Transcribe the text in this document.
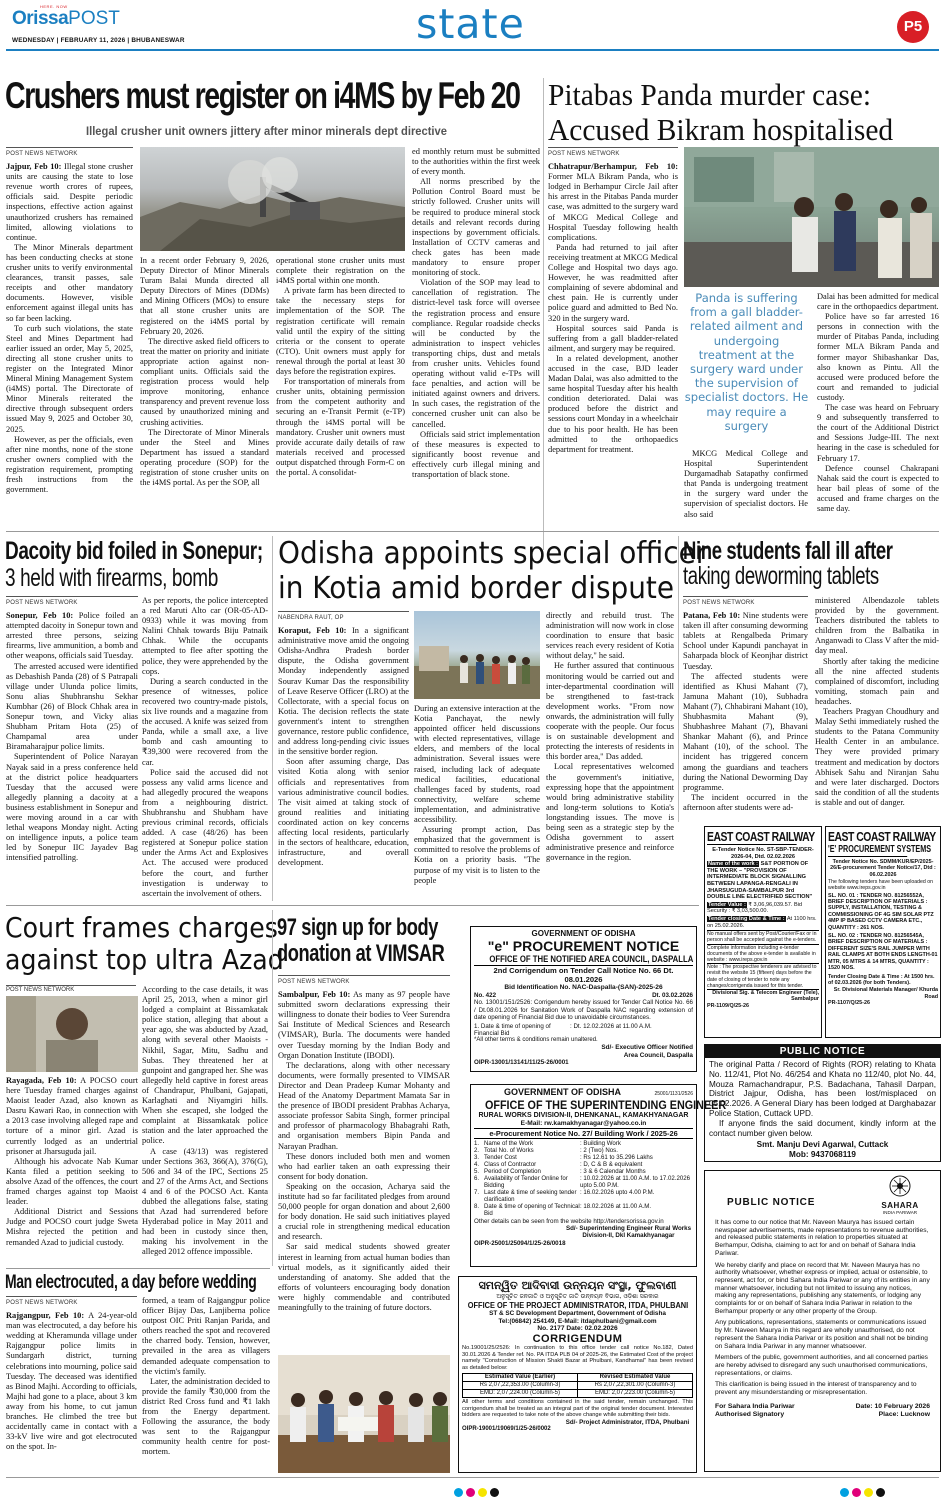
HERE. NOW
OrissaPOST
WEDNESDAY | FEBRUARY 11, 2026 | BHUBANESWAR	state	P5
Crushers must register on i4MS by Feb 20
Illegal crusher unit owners jittery after minor minerals dept directive
POST NEWS NETWORK

Jajpur, Feb 10: Illegal stone crusher units are causing the state to lose revenue worth crores of rupees, officials said. Despite periodic inspections, effective action against unauthorized crushers has remained limited, allowing violations to continue.

The Minor Minerals department has been conducting checks at stone crusher units to verify environmental clearances, transit passes, sale receipts and other mandatory documents. However, visible enforcement against illegal units has so far been lacking.

To curb such violations, the state Steel and Mines Department had earlier issued an order, May 5, 2025, directing all stone crusher units to register on the Integrated Minor Mineral Mining Management System (i4MS) portal. The Directorate of Minor Minerals reiterated the directive through subsequent orders issued May 9, 2025 and October 30, 2025.

However, as per the officials, even after nine months, none of the stone crusher owners complied with the registration requirement, prompting fresh instructions from the government.

In a recent order February 9, 2026, Deputy Director of Minor Minerals Turam Balai Munda directed all Deputy Directors of Mines (DDMs) and Mining Officers (MOs) to ensure that all stone crusher units are registered on the i4MS portal by February 20, 2026.

The directive asked field officers to treat the matter on priority and initiate appropriate action against non-compliant units. Officials said the registration process would help improve monitoring, enhance transparency and prevent revenue loss caused by unauthorized mining and crushing activities.

The Directorate of Minor Minerals under the Steel and Mines Department has issued a standard operating procedure (SOP) for the registration of stone crusher units on the i4MS portal. As per the SOP, all

operational stone crusher units must complete their registration on the i4MS portal within one month.

A private farm has been directed to take the necessary steps for implementation of the SOP. The registration certificate will remain valid until the expiry of the sitting criteria or the consent to operate (CTO). Unit owners must apply for renewal through the portal at least 30 days before the registration expires.

For transportation of minerals from crusher units, obtaining permission from the competent authority and securing an e-Transit Permit (e-TP) through the i4MS portal will be mandatory. Crusher unit owners must provide accurate daily details of raw materials received and processed output dispatched through Form-C on the portal. A consolidat-

ed monthly return must be submitted to the authorities within the first week of every month.

All norms prescribed by the Pollution Control Board must be strictly followed. Crusher units will be required to produce mineral stock details and relevant records during inspections by government officials. Installation of CCTV cameras and check gates has been made mandatory to ensure proper monitoring of stock.

Violation of the SOP may lead to cancellation of registration. The district-level task force will oversee the registration process and ensure compliance. Regular roadside checks will be conducted by the administration to inspect vehicles transporting chips, dust and metals from crusher units. Vehicles found operating without valid e-TPs will face penalties, and action will be initiated against owners and drivers. In such cases, the registration of the concerned crusher unit can also be cancelled.

Officials said strict implementation of these measures is expected to significantly boost revenue and effectively curb illegal mining and transportation of black stone.

Pitabas Panda murder case:
Accused Bikram hospitalised
POST NEWS NETWORK

Chhatrapur/Berhampur, Feb 10: Former MLA Bikram Panda, who is lodged in Berhampur Circle Jail after his arrest in the Pitabas Panda murder case, was admitted to the surgery ward of MKCG Medical College and Hospital Tuesday following health complications.

Panda had returned to jail after receiving treatment at MKCG Medical College and Hospital two days ago. However, he was readmitted after complaining of severe abdominal and chest pain. He is currently under police guard and admitted to Bed No. 320 in the surgery ward.

Hospital sources said Panda is suffering from a gall bladder-related ailment, and surgery may be required.

In a related development, another accused in the case, BJD leader Madan Dalai, was also admitted to the same hospital Tuesday after his health condition deteriorated. Dalai was produced before the district and sessions court Monday in a wheelchair due to his poor health. He has been admitted to the orthopaedics department for treatment.

Panda is suffering from a gall bladder-related ailment and undergoing treatment at the surgery ward under the supervision of specialist doctors. He may require a surgery

MKCG Medical College and Hospital Superintendent Durgamadhab Satapathy confirmed that Panda is undergoing treatment in the surgery ward under the supervision of specialist doctors. He also said

Dalai has been admitted for medical care in the orthopaedics department.

Police have so far arrested 16 persons in connection with the murder of Pitabas Panda, including former MLA Bikram Panda and former mayor Shibashankar Das, also known as Pintu. All the accused were produced before the court and remanded to judicial custody.

The case was heard on February 9 and subsequently transferred to the court of the Additional District and Sessions Judge-III. The next hearing in the case is scheduled for February 17.

Defence counsel Chakrapani Nahak said the court is expected to hear bail pleas of some of the accused and frame charges on the same day.

Dacoity bid foiled in Sonepur;
3 held with firearms, bomb
POST NEWS NETWORK

Sonepur, Feb 10: Police foiled an attempted dacoity in Sonepur town and arrested three persons, seizing firearms, live ammunition, a bomb and other weapons, officials said Tuesday.

The arrested accused were identified as Debashish Panda (28) of S Patrapali village under Ulunda police limits, Sonu alias Shubhranshu Sekhar Kumbhar (26) of Block Chhak area in Sonepur town, and Vicky alias Shubham Pritam Hota (25) of Champamal area under Biramaharajpur police limits.

Superintendent of Police Narayan Nayak said in a press conference held at the district police headquarters Tuesday that the accused were allegedly planning a dacoity at a business establishment in Sonepur and were moving around in a car with lethal weapons Monday night. Acting on intelligence inputs, a police team led by Sonepur IIC Jayadev Bag intensified patrolling.

As per reports, the police intercepted a red Maruti Alto car (OR-05-AD-0933) while it was moving from Nalini Chhak towards Biju Patnaik Chhak. While the occupants attempted to flee after spotting the police, they were apprehended by the cops.

During a search conducted in the presence of witnesses, police recovered two country-made pistols, six live rounds and a magazine from the accused. A knife was seized from Panda, while a small axe, a live bomb and cash amounting to ₹39,300 were recovered from the car.

Police said the accused did not possess any valid arms licence and had allegedly procured the weapons from a neighbouring district. Shubhranshu and Shubham have previous criminal records, officials added. A case (48/26) has been registered at Sonepur police station under the Arms Act and Explosives Act. The accused were produced before the court, and further investigation is underway to ascertain the involvement of others.

Odisha appoints special officer
in Kotia amid border dispute
NABENDRA RAUT, OP

Koraput, Feb 10: In a significant administrative move amid the ongoing Odisha-Andhra Pradesh border dispute, the Odisha government Monday independently assigned Sourav Kumar Das the responsibility of Leave Reserve Officer (LRO) at the Collectorate, with a special focus on Kotia. The decision reflects the state government's intent to strengthen governance, restore public confidence, and address long-pending civic issues in the sensitive border region.

Soon after assuming charge, Das visited Kotia along with senior officials and representatives from various administrative council bodies. The visit aimed at taking stock of ground realities and initiating coordinated action on key concerns affecting local residents, particularly in the sectors of healthcare, education, infrastructure, and overall development.

During an extensive interaction at the Kotia Panchayat, the newly appointed officer held discussions with elected representatives, village elders, and members of the local administration. Several issues were raised, including lack of adequate medical facilities, educational challenges faced by students, road connectivity, welfare scheme implementation, and administrative accessibility.

Assuring prompt action, Das emphasized that the government is committed to resolve the problems of Kotia on a priority basis. "The purpose of my visit is to listen to the people

directly and rebuild trust. The administration will now work in close coordination to ensure that basic services reach every resident of Kotia without delay," he said.

He further assured that continuous monitoring would be carried out and inter-departmental coordination will be strengthened to fast-track development works. "From now onwards, the administration will fully cooperate with the people. Our focus is on sustainable development and protecting the interests of residents in this border area," Das added.

Local representatives welcomed the government's initiative, expressing hope that the appointment would bring administrative stability and long-term solutions to Kotia's longstanding issues. The move is being seen as a strategic step by the Odisha government to assert administrative presence and reinforce governance in the region.

Nine students fall ill after
taking deworming tablets
POST NEWS NETWORK

Patana, Feb 10: Nine students were taken ill after consuming deworming tablets at Rengalbeda Primary School under Kapundi panchayat in Saharpada block of Keonjhar district Tuesday.

The affected students were identified as Khusi Mahant (7), Jamuna Mahant (10), Subhadra Mahant (7), Chhabirani Mahant (10), Shubhasmita Mahant (9), Shubhashree Mahant (7), Bhavani Shankar Mahant (6), and Prince Mahant (10), of the school. The incident has triggered concern among the guardians and teachers during the National Deworming Day programme.

The incident occurred in the afternoon after students were ad-

ministered Albendazole tablets provided by the government. Teachers distributed the tablets to children from the Balbatika in Anganwadi to Class V after the mid-day meal.

Shortly after taking the medicine all the nine affected students complained of discomfort, including vomiting, stomach pain and headaches.

Teachers Pragyan Choudhury and Malay Sethi immediately rushed the students to the Patana Community Health Center in an ambulance. They were provided primary treatment and medication by doctors Abhisek Sahu and Niranjan Sahu and were later discharged. Doctors said the condition of all the students is stable and out of danger.

EAST COAST RAILWAY
E-Tender Notice No. ST-SBP-TENDER-2026-04, Dtd. 02.02.2026
Name of the work : S&T PORTION OF THE WORK – "PROVISION OF INTERMEDIATE BLOCK SIGNALLING BETWEEN LAPANGA-RENGALI IN JHARSUGUDA-SAMBALPUR 3rd DOUBLE LINE ELECTRIFIED SECTION"
Tender Value : ₹ 3,06,96,039.57. Bid Security : ₹ 3,03,500.00.
Tender closing Date & Time : At 1100 hrs. on 25.02.2026.
No manual offers sent by Post/Courier/Fax or in person shall be accepted against the e-tenders.
Complete information including e-tender documents of the above e-tender is available in website : www.ireps.gov.in
Note : The prospective tenderers are advised to revisit the website 15 (fifteen) days before the date of closing of tender to note any changes/corrigenda issued for this tender.
Divisional Sig. & Telecom Engineer (Tele), Sambalpur
PR-1109/Q/25-26
EAST COAST RAILWAY
'E' PROCUREMENT SYSTEMS
Tender Notice No. SDMM/KUR/EP/2025-26/E-procurement Tender Notice/17, Dtd : 06.02.2026
The following tenders have been uploaded on website www.ireps.gov.in
SL. NO. 01 : TENDER NO. 81256552A,
BRIEF DESCRIPTION OF MATERIALS : SUPPLY, INSTALLATION, TESTING & COMMISSIONING OF 4G SIM SOLAR PTZ 4MP IP BASED CCTV CAMERA ETC., QUANTITY : 261 NOS.
SL. NO. 02 : TENDER NO. 81256545A,
BRIEF DESCRIPTION OF MATERIALS : DIFFERENT SIZE'S RAIL JUMPER WITH RAIL CLAMPS AT BOTH ENDS LENGTH-01 MTR, 05 MTRS & 14 MTRS, QUANTITY : 1520 NOS.
Tender Closing Date & Time : At 1500 hrs. of 02.03.2026 (for both Tenders).
Sr. Divisional Materials Manager/ Khurda Road
PR-1107/Q/25-26
Court frames charges
against top ultra Azad
POST NEWS NETWORK

Rayagada, Feb 10: A POCSO court here Tuesday framed charges against Maoist leader Azad, also known as Dasru Kawari Rao, in connection with a 2013 case involving alleged rape and torture of a minor girl. Azad is currently lodged as an undertrial prisoner at Jharsuguda jail.

Although his advocate Nab Kumar Kanta filed a petition seeking to absolve Azad of the offences, the court framed charges against top Maoist leader.

Additional District and Sessions Judge and POCSO court judge Sweta Mishra rejected the petition and remanded Azad to judicial custody.

According to the case details, it was April 25, 2013, when a minor girl lodged a complaint at Bissamkatak police station, alleging that about a year ago, she was abducted by Azad, along with several other Maoists - Nikhil, Sagar, Mitu, Sadhu and Subas. They threatened her at gunpoint and gangraped her. She was allegedly held captive in forest areas of Chandrapur, Phulbani, Gajapati, Karlaghati and Niyamgiri hills. When she escaped, she lodged the complaint at Bissamkatak police station and the later approached the police.

A case (43/13) was registered under Sections 363, 366(A), 376(G), 506 and 34 of the IPC, Sections 25 and 27 of the Arms Act, and Sections 4 and 6 of the POCSO Act. Kanta dubbed the allegations false, stating that Azad had surrendered before Hyderabad police in May 2011 and had been in custody since then, making his involvement in the alleged 2012 offence impossible.

97 sign up for body
donation at VIMSAR
POST NEWS NETWORK

Sambalpur, Feb 10: As many as 97 people have submitted sworn declarations expressing their willingness to donate their bodies to Veer Surendra Sai Institute of Medical Sciences and Research (VIMSAR), Burla. The documents were handed over Tuesday morning by the Indian Body and Organ Donation Institute (IBODI).

The declarations, along with other necessary documents, were formally presented to VIMSAR Director and Dean Pradeep Kumar Mohanty and Head of the Anatomy Department Mamata Sar in the presence of IBODI president Prabhas Acharya, associate professor Sabita Singh, former principal and professor of pharmacology Bhabagrahi Rath, and organisation members Bipin Panda and Narayan Pradhan.

These donors included both men and women who had earlier taken an oath expressing their consent for body donation.

Speaking on the occasion, Acharya said the institute had so far facilitated pledges from around 50,000 people for organ donation and about 2,600 for body donation. He said such initiatives played a crucial role in strengthening medical education and research.

Sar said medical students showed greater interest in learning from actual human bodies than virtual models, as it significantly aided their understanding of anatomy. She added that the efforts of volunteers encouraging body donation were highly commendable and contributed meaningfully to the training of future doctors.

GOVERNMENT OF ODISHA
"e" PROCUREMENT NOTICE
OFFICE OF THE NOTIFIED AREA COUNCIL, DASPALLA
2nd Corrigendum on Tender Call Notice No. 66 Dt. 08.01.2026
Bid Identification No. NAC-Daspalla-(SAN)-2025-26
No. 422	Dt. 03.02.2026
No. 13001/151/2526: Corrigendum hereby issued for Tender Call Notice No. 66 / Dt.08.01.2026 for Sanitation Work of Daspalla NAC regarding extension of date opening of Financial Bid due to unavoidable circumstances.
1. Date & time of opening of Financial Bid
: Dt. 12.02.2026 at 11.00 A.M.
*All other terms & conditions remain unaltered.
Sd/- Executive Officer Notified Area Council, Daspalla
OIPR-13001/13141/11/25-26/0001
GOVERNMENT OF ODISHA	25001/1131/2526
OFFICE OF THE SUPERINTENDING ENGINEER
RURAL WORKS DIVISION-II, DHENKANAL, KAMAKHYANAGAR
E-Mail: rw.kamakhyanagar@yahoo.co.in
e-Procurement Notice No. 27/ Building Work / 2025-26
1. Name of the Work	: Building Work
2. Total No. of Works	: 2 (Two) Nos.
3. Tender Cost	: Rs 12.61 to 35.296 Lakhs
4. Class of Contractor	: D, C & B & equivalent
5. Period of Completion	: 3 & 6 Calendar Months
6. Availability of Tender Online for Bidding
: 10.02.2026 at 11.00 A.M. to 17.02.2026 upto 5.00 P.M.
7. Last date & time of seeking tender clarification
: 16.02.2026 upto 4.00 P.M.
8. Date & time of opening of Technical Bid
: 18.02.2026 at 11.00 A.M.
Other details can be seen from the website http://tendersorissa.gov.in
Sd/- Superintending Engineer Rural Works Division-II, Dkl Kamakhyanagar
OIPR-25001/25094/1/25-26/0018
PUBLIC NOTICE
The original Patta / Record of Rights (ROR) relating to Khata No. 112/41, Plot No. 46/254 and Khata no 112/40, plot No. 44, Mouza Ramachandrapur, P.S. Badachana, Tahasil Darpan, District Jajpur, Odisha, has been lost/misplaced on 05.02.2026. A General Diary has been lodged at Darghabazar Police Station, Cuttack UPD.
If anyone finds the said document, kindly inform at the contact number given below.
Smt. Manju Devi Agarwal, Cuttack
Mob: 9437068119
PUBLIC NOTICE	SAHARA
INDIA PARIWAR

It has come to our notice that Mr. Naveen Maurya has issued certain newspaper advertisements, made representations to revenue authorities, and released public statements in relation to properties situated at Berhampur, Odisha, claiming to act for and on behalf of Sahara India Pariwar.

We hereby clarify and place on record that Mr. Naveen Maurya has no authority whatsoever, whether express or implied, actual or ostensible, to represent, act for, or bind Sahara India Pariwar or any of its entities in any manner whatsoever, including but not limited to issuing any notices, making any representations, publishing any statements, or lodging any complaints for or on behalf of Sahara India Pariwar in relation to the Berhampur property or any other property of the Group.

Any publications, representations, statements or communications issued by Mr. Naveen Maurya in this regard are wholly unauthorised, do not represent the Sahara India Parivar or its position and shall not be binding on Sahara India Pariwar in any manner whatsoever.

Members of the public, government authorities, and all concerned parties are hereby advised to disregard any such unauthorised communications, representations, or claims.

This clarification is being issued in the interest of transparency and to prevent any misunderstanding or misrepresentation.

For Sahara India Pariwar
Authorised Signatory
Date: 10 February 2026
Place: Lucknow
Man electrocuted, a day before wedding
POST NEWS NETWORK

Rajgangpur, Feb 10: A 24-year-old man was electrocuted, a day before his wedding at Kheramunda village under Rajgangpur police limits in Sundargarh district, turning celebrations into mourning, police said Tuesday. The deceased was identified as Binod Majhi. According to officials, Majhi had gone to a place, about 3 km away from his home, to cut jamun branches. He climbed the tree but accidentally came in contact with a 33-kV live wire and got electrocuted on the spot. In-

formed, a team of Rajgangpur police officer Bijay Das, Lanjiberna police outpost OIC Priti Ranjan Parida, and others reached the spot and recovered the charred body. Tension, however, prevailed in the area as villagers demanded adequate compensation to the victim's family.

Later, the administration decided to provide the family ₹30,000 from the district Red Cross fund and ₹1 lakh from the Energy department. Following the assurance, the body was sent to the Rajgangpur community health centre for post-mortem.

ସମନ୍ୱିତ ଆଦିବାସୀ ଉନ୍ନୟନ ସଂସ୍ଥା, ଫୁଲବାଣୀ
ଅନୁସୂଚିତ ଜନଜାତି ଓ ଅନୁସୂଚିତ ଜାତି ଉନ୍ନୟନ ବିଭାଗ, ଓଡ଼ିଶା ସରକାର
OFFICE OF THE PROJECT ADMINISTRATOR, ITDA, PHULBANI
ST & SC Development Department, Government of Odisha
Tel:(06842) 254149, E-Mail: itdaphulbani@gmail.com
No. 2177 Date: 02.02.2026
CORRIGENDUM
No.19001/25/2526: In continuation to this office tender call notice No.182, Dated 30.01.2026 & Tender ref. No. PA ITDA PLB 04 of 2025-26, the Estimated Cost of the project namely "Construction of Mission Shakti Bazar at Phulbani, Kandhamal" has been revised as detailed below:
Estimated Value (Earlier)	Revised Estimated Value
Rs 2,07,22,353.00 (Column-3)	Rs 2,07,22,301.00 (Column-3)
EMD: 2,07,224.00 (Column-5)	EMD: 2,07,223.00 (Column-5)
All other terms and conditions contained in the said tender, remain unchanged. This corrigendum shall be treated as an integral part of the original tender document. Interested bidders are requested to take note of the above change while submitting their bids.
Sd/- Project Administrator, ITDA, Phulbani
OIPR-19001/19069/1/25-26/0002
